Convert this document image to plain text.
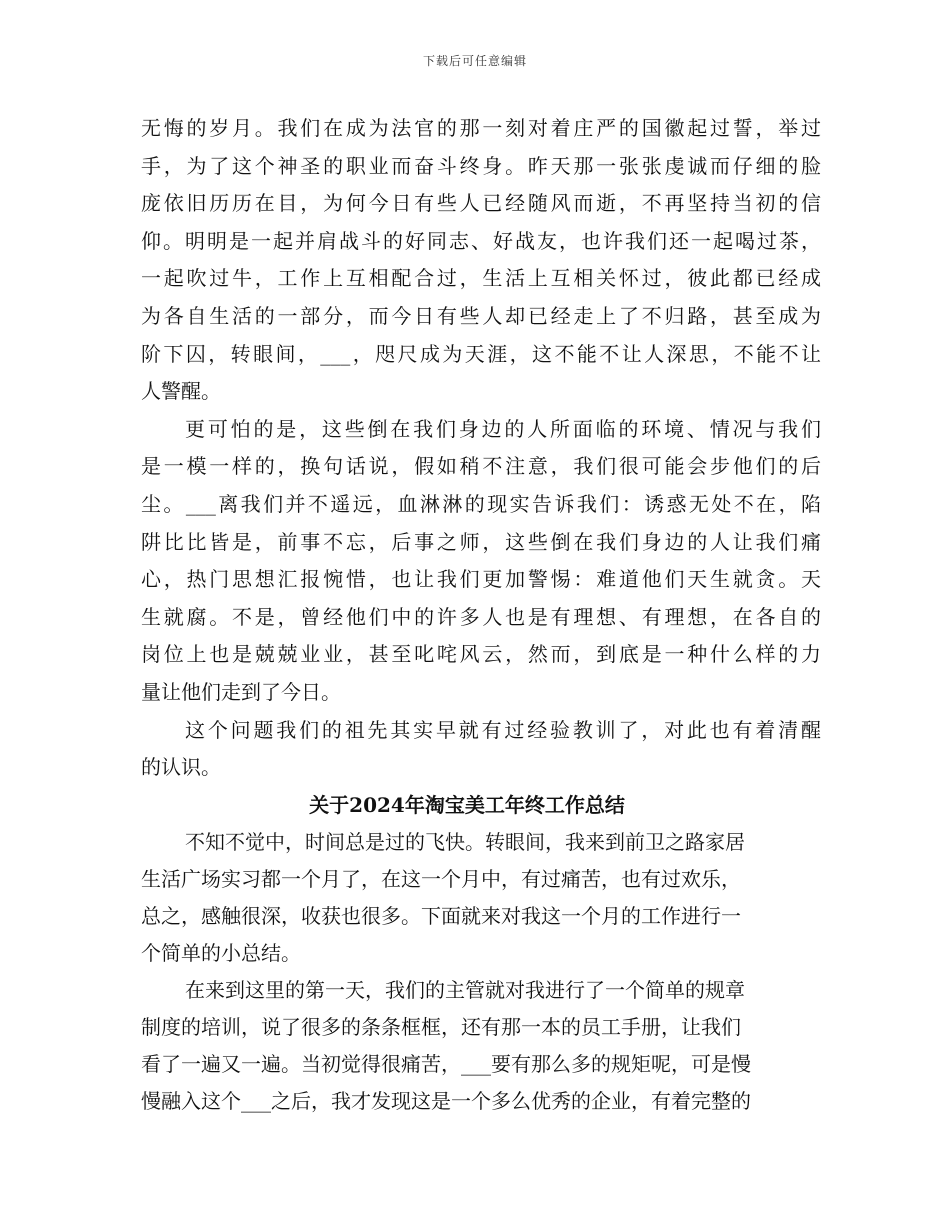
下载后可任意编辑
无悔的岁月。我们在成为法官的那一刻对着庄严的国徽起过誓，举过
手，为了这个神圣的职业而奋斗终身。昨天那一张张虔诚而仔细的脸
庞依旧历历在目，为何今日有些人已经随风而逝，不再坚持当初的信
仰。明明是一起并肩战斗的好同志、好战友，也许我们还一起喝过茶，
一起吹过牛，工作上互相配合过，生活上互相关怀过，彼此都已经成
为各自生活的一部分，而今日有些人却已经走上了不归路，甚至成为
阶下囚，转眼间，___，咫尺成为天涯，这不能不让人深思，不能不让
人警醒。
更可怕的是，这些倒在我们身边的人所面临的环境、情况与我们
是一模一样的，换句话说，假如稍不注意，我们很可能会步他们的后
尘。___离我们并不遥远，血淋淋的现实告诉我们：诱惑无处不在，陷
阱比比皆是，前事不忘，后事之师，这些倒在我们身边的人让我们痛
心，热门思想汇报惋惜，也让我们更加警惕：难道他们天生就贪。天
生就腐。不是，曾经他们中的许多人也是有理想、有理想，在各自的
岗位上也是兢兢业业，甚至叱咤风云，然而，到底是一种什么样的力
量让他们走到了今日。
这个问题我们的祖先其实早就有过经验教训了，对此也有着清醒
的认识。
关于2024年淘宝美工年终工作总结
不知不觉中，时间总是过的飞快。转眼间，我来到前卫之路家居
生活广场实习都一个月了，在这一个月中，有过痛苦，也有过欢乐，
总之，感触很深，收获也很多。下面就来对我这一个月的工作进行一
个简单的小总结。
在来到这里的第一天，我们的主管就对我进行了一个简单的规章
制度的培训，说了很多的条条框框，还有那一本的员工手册，让我们
看了一遍又一遍。当初觉得很痛苦，___要有那么多的规矩呢，可是慢
慢融入这个___之后，我才发现这是一个多么优秀的企业，有着完整的
